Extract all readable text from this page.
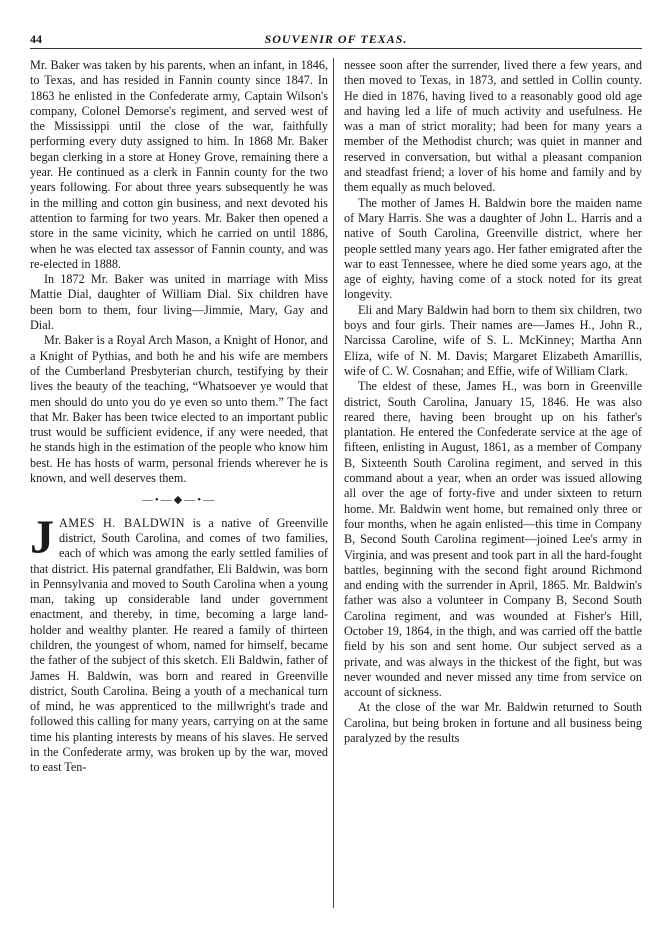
44	SOUVENIR OF TEXAS.

Mr. Baker was taken by his parents, when an infant, in 1846, to Texas, and has resided in Fannin county since 1847. In 1863 he enlisted in the Confederate army, Captain Wilson's company, Colonel Demorse's regiment, and served west of the Mississippi until the close of the war, faithfully performing every duty assigned to him. In 1868 Mr. Baker began clerking in a store at Honey Grove, remaining there a year. He continued as a clerk in Fannin county for the two years following. For about three years subsequently he was in the milling and cotton gin business, and next devoted his attention to farming for two years. Mr. Baker then opened a store in the same vicinity, which he carried on until 1886, when he was elected tax assessor of Fannin county, and was re-elected in 1888.

In 1872 Mr. Baker was united in marriage with Miss Mattie Dial, daughter of William Dial. Six children have been born to them, four living—Jimmie, Mary, Gay and Dial.

Mr. Baker is a Royal Arch Mason, a Knight of Honor, and a Knight of Pythias, and both he and his wife are members of the Cumberland Presbyterian church, testifying by their lives the beauty of the teaching, “Whatsoever ye would that men should do unto you do ye even so unto them.” The fact that Mr. Baker has been twice elected to an important public trust would be sufficient evidence, if any were needed, that he stands high in the estimation of the people who know him best. He has hosts of warm, personal friends wherever he is known, and well deserves them.

—•—◆—•—

JAMES H. BALDWIN is a native of Greenville district, South Carolina, and comes of two families, each of which was among the early settled families of that district. His paternal grandfather, Eli Baldwin, was born in Pennsylvania and moved to South Carolina when a young man, taking up considerable land under government enactment, and thereby, in time, becoming a large land-holder and wealthy planter. He reared a family of thirteen children, the youngest of whom, named for himself, became the father of the subject of this sketch. Eli Baldwin, father of James H. Baldwin, was born and reared in Greenville district, South Carolina. Being a youth of a mechanical turn of mind, he was apprenticed to the millwright's trade and followed this calling for many years, carrying on at the same time his planting interests by means of his slaves. He served in the Confederate army, was broken up by the war, moved to east Ten-

nessee soon after the surrender, lived there a few years, and then moved to Texas, in 1873, and settled in Collin county. He died in 1876, having lived to a reasonably good old age and having led a life of much activity and usefulness. He was a man of strict morality; had been for many years a member of the Methodist church; was quiet in manner and reserved in conversation, but withal a pleasant companion and steadfast friend; a lover of his home and family and by them equally as much beloved.

The mother of James H. Baldwin bore the maiden name of Mary Harris. She was a daughter of John L. Harris and a native of South Carolina, Greenville district, where her people settled many years ago. Her father emigrated after the war to east Tennessee, where he died some years ago, at the age of eighty, having come of a stock noted for its great longevity.

Eli and Mary Baldwin had born to them six children, two boys and four girls. Their names are—James H., John R., Narcissa Caroline, wife of S. L. McKinney; Martha Ann Eliza, wife of N. M. Davis; Margaret Elizabeth Amarillis, wife of C. W. Cosnahan; and Effie, wife of William Clark.

The eldest of these, James H., was born in Greenville district, South Carolina, January 15, 1846. He was also reared there, having been brought up on his father's plantation. He entered the Confederate service at the age of fifteen, enlisting in August, 1861, as a member of Company B, Sixteenth South Carolina regiment, and served in this command about a year, when an order was issued allowing all over the age of forty-five and under sixteen to return home. Mr. Baldwin went home, but remained only three or four months, when he again enlisted—this time in Company B, Second South Carolina regiment—joined Lee's army in Virginia, and was present and took part in all the hard-fought battles, beginning with the second fight around Richmond and ending with the surrender in April, 1865. Mr. Baldwin's father was also a volunteer in Company B, Second South Carolina regiment, and was wounded at Fisher's Hill, October 19, 1864, in the thigh, and was carried off the battle field by his son and sent home. Our subject served as a private, and was always in the thickest of the fight, but was never wounded and never missed any time from service on account of sickness.

At the close of the war Mr. Baldwin returned to South Carolina, but being broken in fortune and all business being paralyzed by the results
